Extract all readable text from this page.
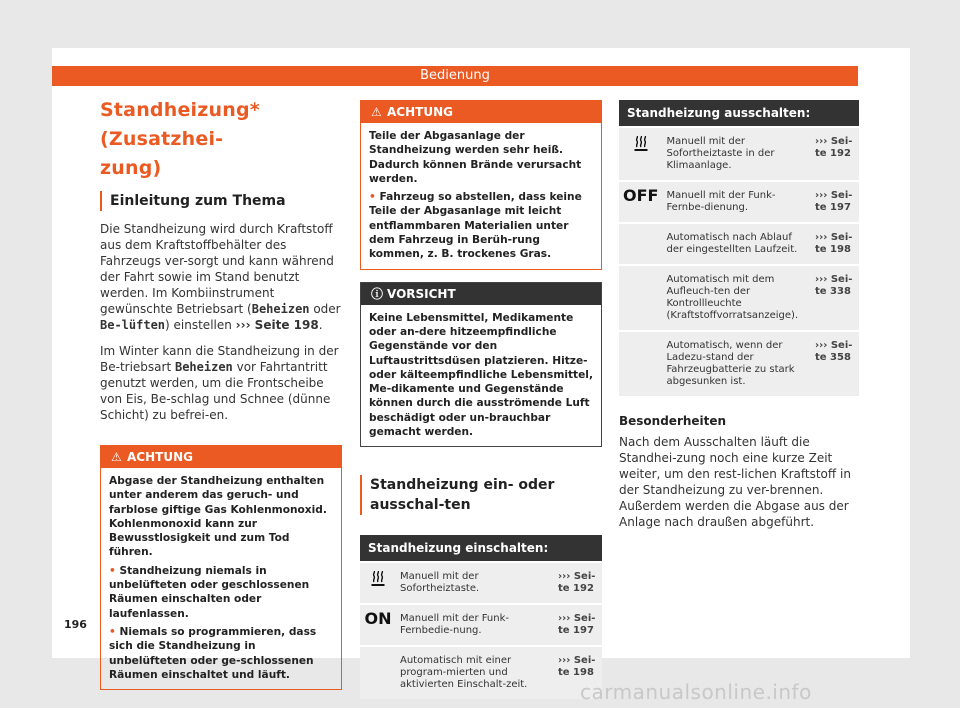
Bedienung
Standheizung* (Zusatzhei-
zung)
Einleitung zum Thema

Die Standheizung wird durch Kraftstoff aus dem Kraftstoffbehälter des Fahrzeugs ver-sorgt und kann während der Fahrt sowie im Stand benutzt werden. Im Kombiinstrument gewünschte Betriebsart (Beheizen oder Be-lüften) einstellen ››› Seite 198.

Im Winter kann die Standheizung in der Be-triebsart Beheizen vor Fahrtantritt genutzt werden, um die Frontscheibe von Eis, Be-schlag und Schnee (dünne Schicht) zu befrei-en.

⚠ ACHTUNG
Abgase der Standheizung enthalten unter anderem das geruch- und farblose giftige Gas Kohlenmonoxid. Kohlenmonoxid kann zur Bewusstlosigkeit und zum Tod führen.
• Standheizung niemals in unbelüfteten oder geschlossenen Räumen einschalten oder laufenlassen.
• Niemals so programmieren, dass sich die Standheizung in unbelüfteten oder ge-schlossenen Räumen einschaltet und läuft.
⚠ ACHTUNG
Teile der Abgasanlage der Standheizung werden sehr heiß. Dadurch können Brände verursacht werden.
• Fahrzeug so abstellen, dass keine Teile der Abgasanlage mit leicht entflammbaren Materialien unter dem Fahrzeug in Berüh-rung kommen, z. B. trockenes Gras.
ⓘ VORSICHT
Keine Lebensmittel, Medikamente oder an-dere hitzeempfindliche Gegenstände vor den Luftaustrittsdüsen platzieren. Hitze-oder kälteempfindliche Lebensmittel, Me-dikamente und Gegenstände können durch die ausströmende Luft beschädigt oder un-brauchbar gemacht werden.
Standheizung ein- oder ausschal-ten
Standheizung einschalten:		
	Manuell mit der Sofortheiztaste.	››› Sei-te 192
ON	Manuell mit der Funk-Fernbedie-nung.	››› Sei-te 197
	Automatisch mit einer program-mierten und aktivierten Einschalt-zeit.	››› Sei-te 198
Standheizung ausschalten:		
	Manuell mit der Sofortheiztaste in der Klimaanlage.	››› Sei-te 192
OFF	Manuell mit der Funk-Fernbe-dienung.	››› Sei-te 197
	Automatisch nach Ablauf der eingestellten Laufzeit.	››› Sei-te 198
	Automatisch mit dem Aufleuch-ten der Kontrollleuchte (Kraftstoffvorratsanzeige).	››› Sei-te 338
	Automatisch, wenn der Ladezu-stand der Fahrzeugbatterie zu stark abgesunken ist.	››› Sei-te 358
Besonderheiten

Nach dem Ausschalten läuft die Standhei-zung noch eine kurze Zeit weiter, um den rest-lichen Kraftstoff in der Standheizung zu ver-brennen. Außerdem werden die Abgase aus der Anlage nach draußen abgeführt.

196
carmanualsonline.info
